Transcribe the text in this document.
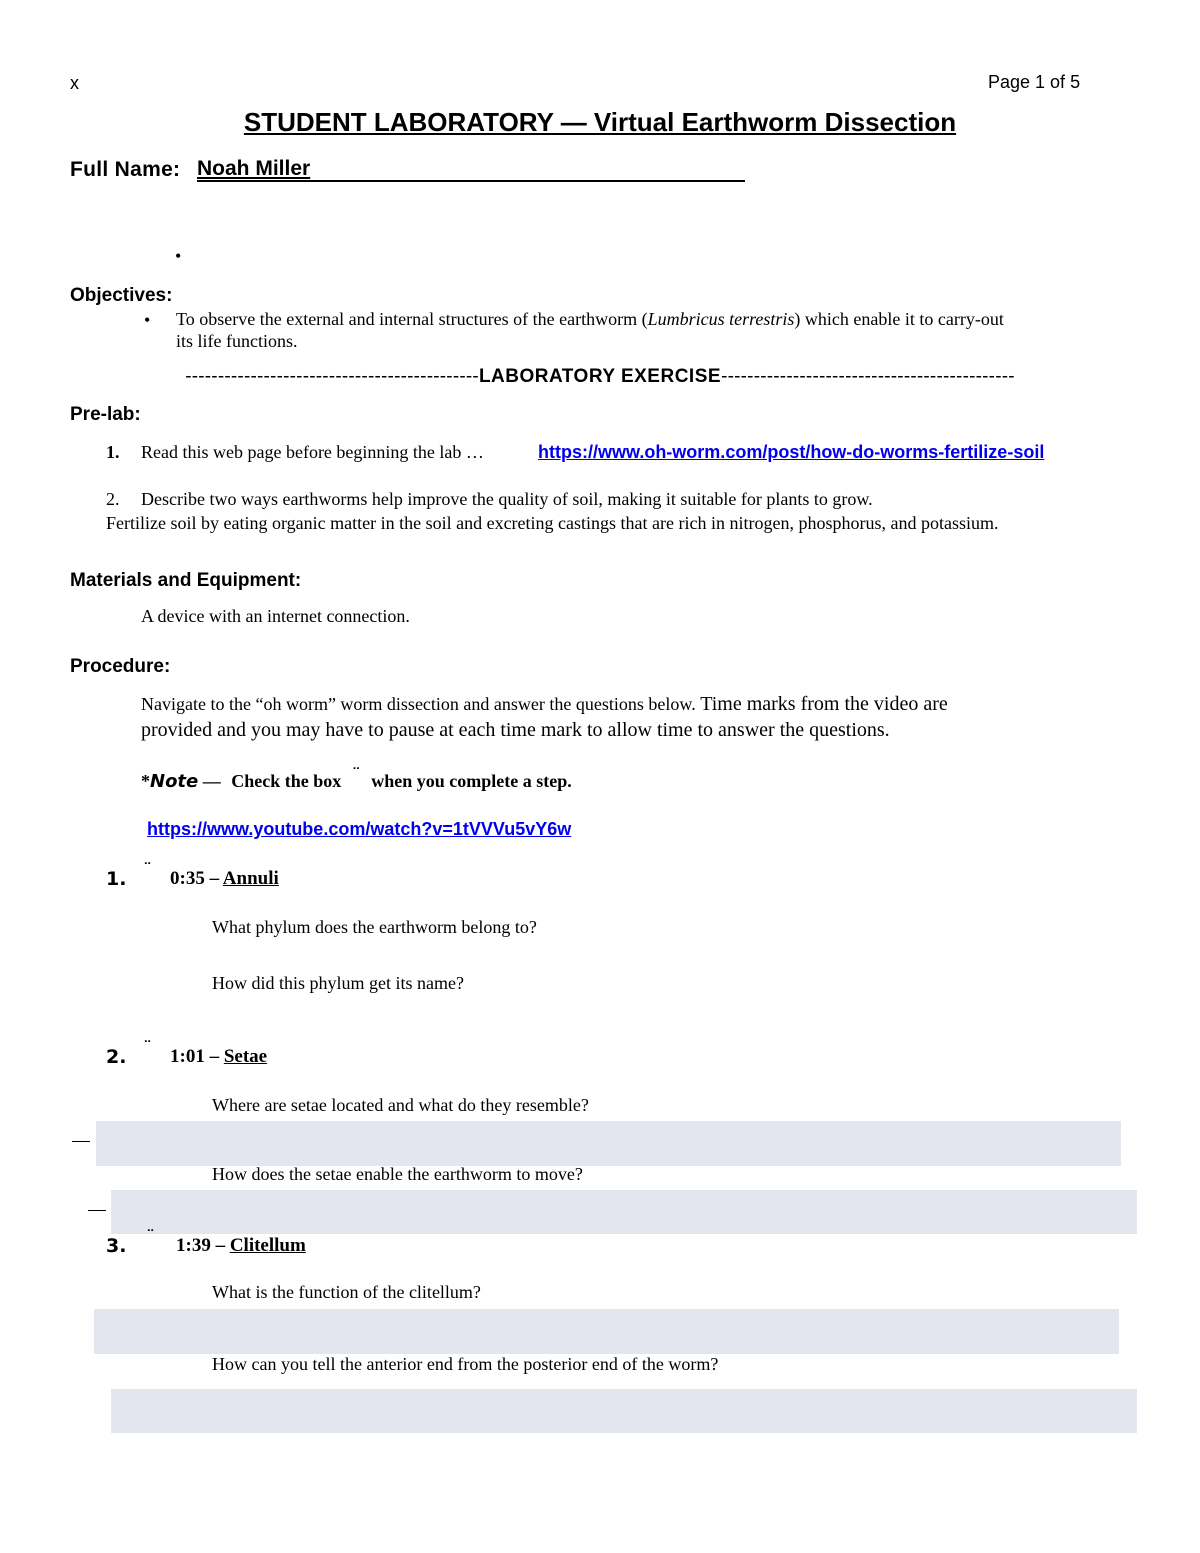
x	Page 1 of 5
STUDENT LABORATORY — Virtual Earthworm Dissection
Full Name: Noah Miller
•
Objectives:
• To observe the external and internal structures of the earthworm (Lumbricus terrestris) which enable it to carry-out
its life functions.
---------------------------------------------LABORATORY EXERCISE---------------------------------------------
Pre-lab:
1. Read this web page before beginning the lab …	https://www.oh-worm.com/post/how-do-worms-fertilize-soil
2. Describe two ways earthworms help improve the quality of soil, making it suitable for plants to grow.
Fertilize soil by eating organic matter in the soil and excreting castings that are rich in nitrogen, phosphorus, and potassium.
Materials and Equipment:
A device with an internet connection.
Procedure:
Navigate to the “oh worm” worm dissection and answer the questions below. Time marks from the video are
provided and you may have to pause at each time mark to allow time to answer the questions.
*Note — Check the box ¨ when you complete a step.
https://www.youtube.com/watch?v=1tVVVu5vY6w
1. ¨ 0:35 – Annuli
What phylum does the earthworm belong to?
How did this phylum get its name?
2. ¨ 1:01 – Setae
Where are setae located and what do they resemble?
How does the setae enable the earthworm to move?
3. ¨ 1:39 – Clitellum
What is the function of the clitellum?
How can you tell the anterior end from the posterior end of the worm?
